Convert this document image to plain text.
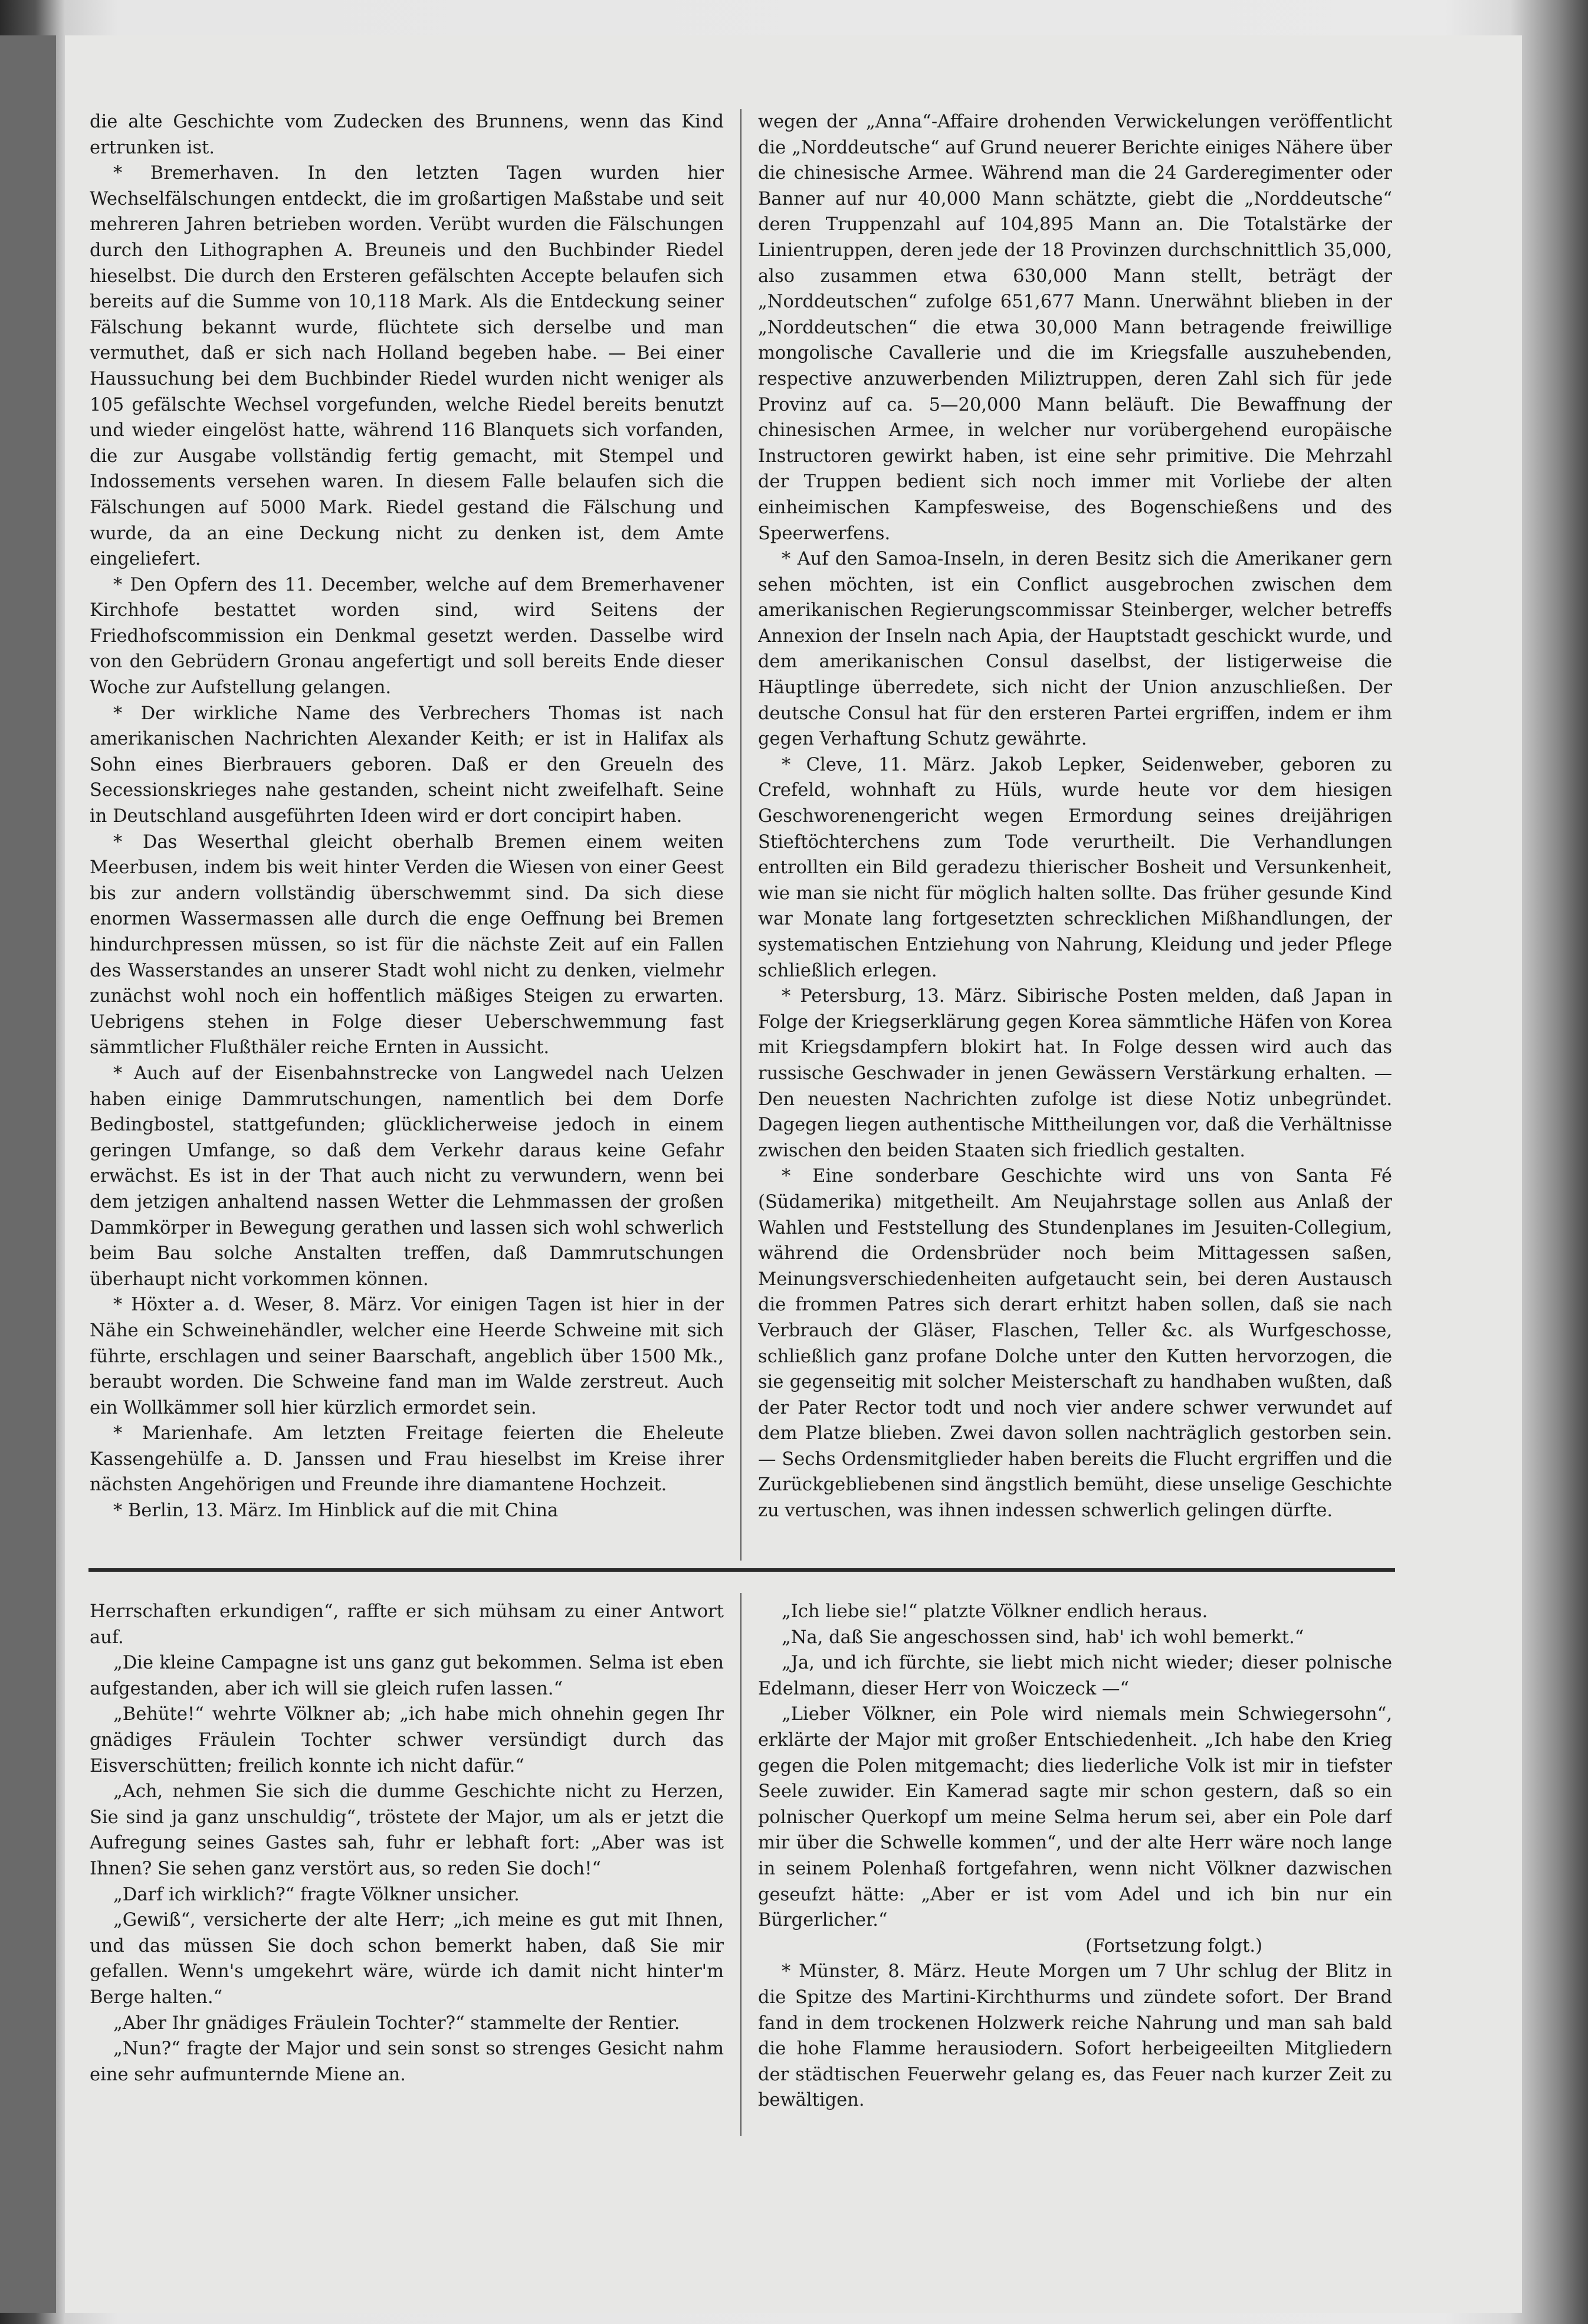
die alte Geschichte vom Zudecken des Brunnens, wenn das Kind ertrunken ist.

* Bremerhaven. In den letzten Tagen wurden hier Wechselfälschungen entdeckt, die im großartigen Maßstabe und seit mehreren Jahren betrieben worden. Verübt wurden die Fälschungen durch den Lithographen A. Breuneis und den Buchbinder Riedel hieselbst. Die durch den Ersteren gefälschten Accepte belaufen sich bereits auf die Summe von 10,118 Mark. Als die Entdeckung seiner Fälschung bekannt wurde, flüchtete sich derselbe und man vermuthet, daß er sich nach Holland begeben habe. — Bei einer Haussuchung bei dem Buchbinder Riedel wurden nicht weniger als 105 gefälschte Wechsel vorgefunden, welche Riedel bereits benutzt und wieder eingelöst hatte, während 116 Blanquets sich vorfanden, die zur Ausgabe vollständig fertig gemacht, mit Stempel und Indossements versehen waren. In diesem Falle belaufen sich die Fälschungen auf 5000 Mark. Riedel gestand die Fälschung und wurde, da an eine Deckung nicht zu denken ist, dem Amte eingeliefert.

* Den Opfern des 11. December, welche auf dem Bremerhavener Kirchhofe bestattet worden sind, wird Seitens der Friedhofscommission ein Denkmal gesetzt werden. Dasselbe wird von den Gebrüdern Gronau angefertigt und soll bereits Ende dieser Woche zur Aufstellung gelangen.

* Der wirkliche Name des Verbrechers Thomas ist nach amerikanischen Nachrichten Alexander Keith; er ist in Halifax als Sohn eines Bierbrauers geboren. Daß er den Greueln des Secessionskrieges nahe gestanden, scheint nicht zweifelhaft. Seine in Deutschland ausgeführten Ideen wird er dort concipirt haben.

* Das Weserthal gleicht oberhalb Bremen einem weiten Meerbusen, indem bis weit hinter Verden die Wiesen von einer Geest bis zur andern vollständig überschwemmt sind. Da sich diese enormen Wassermassen alle durch die enge Oeffnung bei Bremen hindurchpressen müssen, so ist für die nächste Zeit auf ein Fallen des Wasserstandes an unserer Stadt wohl nicht zu denken, vielmehr zunächst wohl noch ein hoffentlich mäßiges Steigen zu erwarten. Uebrigens stehen in Folge dieser Ueberschwemmung fast sämmtlicher Flußthäler reiche Ernten in Aussicht.

* Auch auf der Eisenbahnstrecke von Langwedel nach Uelzen haben einige Dammrutschungen, namentlich bei dem Dorfe Bedingbostel, stattgefunden; glücklicherweise jedoch in einem geringen Umfange, so daß dem Verkehr daraus keine Gefahr erwächst. Es ist in der That auch nicht zu verwundern, wenn bei dem jetzigen anhaltend nassen Wetter die Lehmmassen der großen Dammkörper in Bewegung gerathen und lassen sich wohl schwerlich beim Bau solche Anstalten treffen, daß Dammrutschungen überhaupt nicht vorkommen können.

* Höxter a. d. Weser, 8. März. Vor einigen Tagen ist hier in der Nähe ein Schweinehändler, welcher eine Heerde Schweine mit sich führte, erschlagen und seiner Baarschaft, angeblich über 1500 Mk., beraubt worden. Die Schweine fand man im Walde zerstreut. Auch ein Wollkämmer soll hier kürzlich ermordet sein.

* Marienhafe. Am letzten Freitage feierten die Eheleute Kassengehülfe a. D. Janssen und Frau hieselbst im Kreise ihrer nächsten Angehörigen und Freunde ihre diamantene Hochzeit.

* Berlin, 13. März. Im Hinblick auf die mit China

wegen der „Anna“-Affaire drohenden Verwickelungen veröffentlicht die „Norddeutsche“ auf Grund neuerer Berichte einiges Nähere über die chinesische Armee. Während man die 24 Garderegimenter oder Banner auf nur 40,000 Mann schätzte, giebt die „Norddeutsche“ deren Truppenzahl auf 104,895 Mann an. Die Totalstärke der Linientruppen, deren jede der 18 Provinzen durchschnittlich 35,000, also zusammen etwa 630,000 Mann stellt, beträgt der „Norddeutschen“ zufolge 651,677 Mann. Unerwähnt blieben in der „Norddeutschen“ die etwa 30,000 Mann betragende freiwillige mongolische Cavallerie und die im Kriegsfalle auszuhebenden, respective anzuwerbenden Miliztruppen, deren Zahl sich für jede Provinz auf ca. 5—20,000 Mann beläuft. Die Bewaffnung der chinesischen Armee, in welcher nur vorübergehend europäische Instructoren gewirkt haben, ist eine sehr primitive. Die Mehrzahl der Truppen bedient sich noch immer mit Vorliebe der alten einheimischen Kampfesweise, des Bogenschießens und des Speerwerfens.

* Auf den Samoa-Inseln, in deren Besitz sich die Amerikaner gern sehen möchten, ist ein Conflict ausgebrochen zwischen dem amerikanischen Regierungscommissar Steinberger, welcher betreffs Annexion der Inseln nach Apia, der Hauptstadt geschickt wurde, und dem amerikanischen Consul daselbst, der listigerweise die Häuptlinge überredete, sich nicht der Union anzuschließen. Der deutsche Consul hat für den ersteren Partei ergriffen, indem er ihm gegen Verhaftung Schutz gewährte.

* Cleve, 11. März. Jakob Lepker, Seidenweber, geboren zu Crefeld, wohnhaft zu Hüls, wurde heute vor dem hiesigen Geschworenengericht wegen Ermordung seines dreijährigen Stieftöchterchens zum Tode verurtheilt. Die Verhandlungen entrollten ein Bild geradezu thierischer Bosheit und Versunkenheit, wie man sie nicht für möglich halten sollte. Das früher gesunde Kind war Monate lang fortgesetzten schrecklichen Mißhandlungen, der systematischen Entziehung von Nahrung, Kleidung und jeder Pflege schließlich erlegen.

* Petersburg, 13. März. Sibirische Posten melden, daß Japan in Folge der Kriegserklärung gegen Korea sämmtliche Häfen von Korea mit Kriegsdampfern blokirt hat. In Folge dessen wird auch das russische Geschwader in jenen Gewässern Verstärkung erhalten. — Den neuesten Nachrichten zufolge ist diese Notiz unbegründet. Dagegen liegen authentische Mittheilungen vor, daß die Verhältnisse zwischen den beiden Staaten sich friedlich gestalten.

* Eine sonderbare Geschichte wird uns von Santa Fé (Südamerika) mitgetheilt. Am Neujahrstage sollen aus Anlaß der Wahlen und Feststellung des Stundenplanes im Jesuiten-Collegium, während die Ordensbrüder noch beim Mittagessen saßen, Meinungsverschiedenheiten aufgetaucht sein, bei deren Austausch die frommen Patres sich derart erhitzt haben sollen, daß sie nach Verbrauch der Gläser, Flaschen, Teller &c. als Wurfgeschosse, schließlich ganz profane Dolche unter den Kutten hervorzogen, die sie gegenseitig mit solcher Meisterschaft zu handhaben wußten, daß der Pater Rector todt und noch vier andere schwer verwundet auf dem Platze blieben. Zwei davon sollen nachträglich gestorben sein. — Sechs Ordensmitglieder haben bereits die Flucht ergriffen und die Zurückgebliebenen sind ängstlich bemüht, diese unselige Geschichte zu vertuschen, was ihnen indessen schwerlich gelingen dürfte.

Herrschaften erkundigen“, raffte er sich mühsam zu einer Antwort auf.

„Die kleine Campagne ist uns ganz gut bekommen. Selma ist eben aufgestanden, aber ich will sie gleich rufen lassen.“

„Behüte!“ wehrte Völkner ab; „ich habe mich ohnehin gegen Ihr gnädiges Fräulein Tochter schwer versündigt durch das Eisverschütten; freilich konnte ich nicht dafür.“

„Ach, nehmen Sie sich die dumme Geschichte nicht zu Herzen, Sie sind ja ganz unschuldig“, tröstete der Major, um als er jetzt die Aufregung seines Gastes sah, fuhr er lebhaft fort: „Aber was ist Ihnen? Sie sehen ganz verstört aus, so reden Sie doch!“

„Darf ich wirklich?“ fragte Völkner unsicher.

„Gewiß“, versicherte der alte Herr; „ich meine es gut mit Ihnen, und das müssen Sie doch schon bemerkt haben, daß Sie mir gefallen. Wenn's umgekehrt wäre, würde ich damit nicht hinter'm Berge halten.“

„Aber Ihr gnädiges Fräulein Tochter?“ stammelte der Rentier.

„Nun?“ fragte der Major und sein sonst so strenges Gesicht nahm eine sehr aufmunternde Miene an.

„Ich liebe sie!“ platzte Völkner endlich heraus.

„Na, daß Sie angeschossen sind, hab' ich wohl bemerkt.“

„Ja, und ich fürchte, sie liebt mich nicht wieder; dieser polnische Edelmann, dieser Herr von Woiczeck —“

„Lieber Völkner, ein Pole wird niemals mein Schwiegersohn“, erklärte der Major mit großer Entschiedenheit. „Ich habe den Krieg gegen die Polen mitgemacht; dies liederliche Volk ist mir in tiefster Seele zuwider. Ein Kamerad sagte mir schon gestern, daß so ein polnischer Querkopf um meine Selma herum sei, aber ein Pole darf mir über die Schwelle kommen“, und der alte Herr wäre noch lange in seinem Polenhaß fortgefahren, wenn nicht Völkner dazwischen geseufzt hätte: „Aber er ist vom Adel und ich bin nur ein Bürgerlicher.“

(Fortsetzung folgt.)

* Münster, 8. März. Heute Morgen um 7 Uhr schlug der Blitz in die Spitze des Martini-Kirchthurms und zündete sofort. Der Brand fand in dem trockenen Holzwerk reiche Nahrung und man sah bald die hohe Flamme herausiodern. Sofort herbeigeeilten Mitgliedern der städtischen Feuerwehr gelang es, das Feuer nach kurzer Zeit zu bewältigen.
